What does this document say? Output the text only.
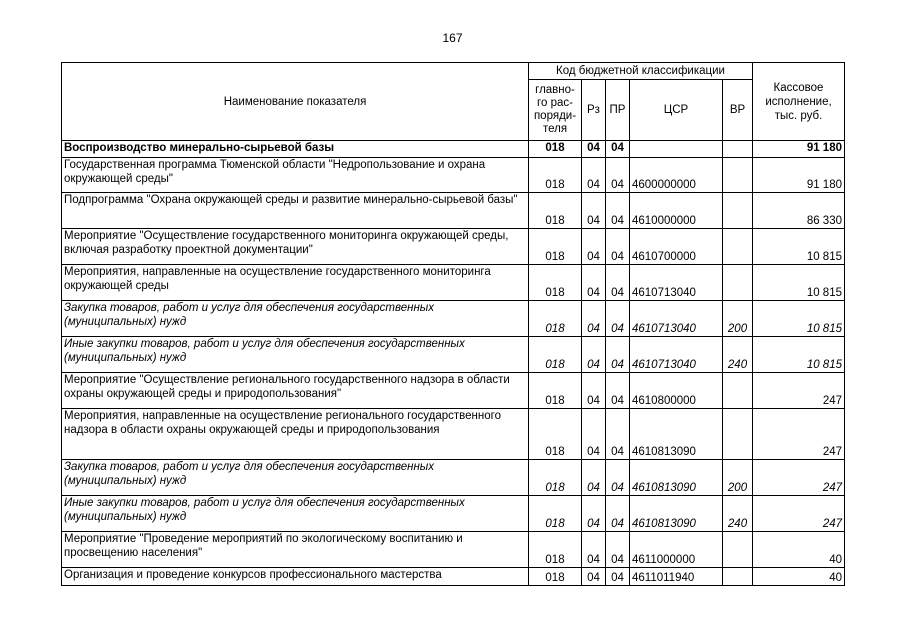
167
Наименование показателя	Код бюджетной классификации					Кассовое исполнение, тыс. руб.
	главно-го рас-поряди-теля	Рз	ПР	ЦСР	ВР	
Воспроизводство минерально-сырьевой базы	018	04	04			91 180
Государственная программа Тюменской области "Недропользование и охрана окружающей среды"	018	04	04	4600000000		91 180
Подпрограмма "Охрана окружающей среды и развитие минерально-сырьевой базы"	018	04	04	4610000000		86 330
Мероприятие "Осуществление государственного мониторинга окружающей среды, включая разработку проектной документации"	018	04	04	4610700000		10 815
Мероприятия, направленные на осуществление государственного мониторинга окружающей среды	018	04	04	4610713040		10 815
Закупка товаров, работ и услуг для обеспечения государственных (муниципальных) нужд	018	04	04	4610713040	200	10 815
Иные закупки товаров, работ и услуг для обеспечения государственных (муниципальных) нужд	018	04	04	4610713040	240	10 815
Мероприятие "Осуществление регионального государственного надзора в области охраны окружающей среды и природопользования"	018	04	04	4610800000		247
Мероприятия, направленные на осуществление регионального государственного надзора в области охраны окружающей среды и природопользования	018	04	04	4610813090		247
Закупка товаров, работ и услуг для обеспечения государственных (муниципальных) нужд	018	04	04	4610813090	200	247
Иные закупки товаров, работ и услуг для обеспечения государственных (муниципальных) нужд	018	04	04	4610813090	240	247
Мероприятие "Проведение мероприятий по экологическому воспитанию и просвещению населения"	018	04	04	4611000000		40
Организация и проведение конкурсов профессионального мастерства	018	04	04	4611011940		40
